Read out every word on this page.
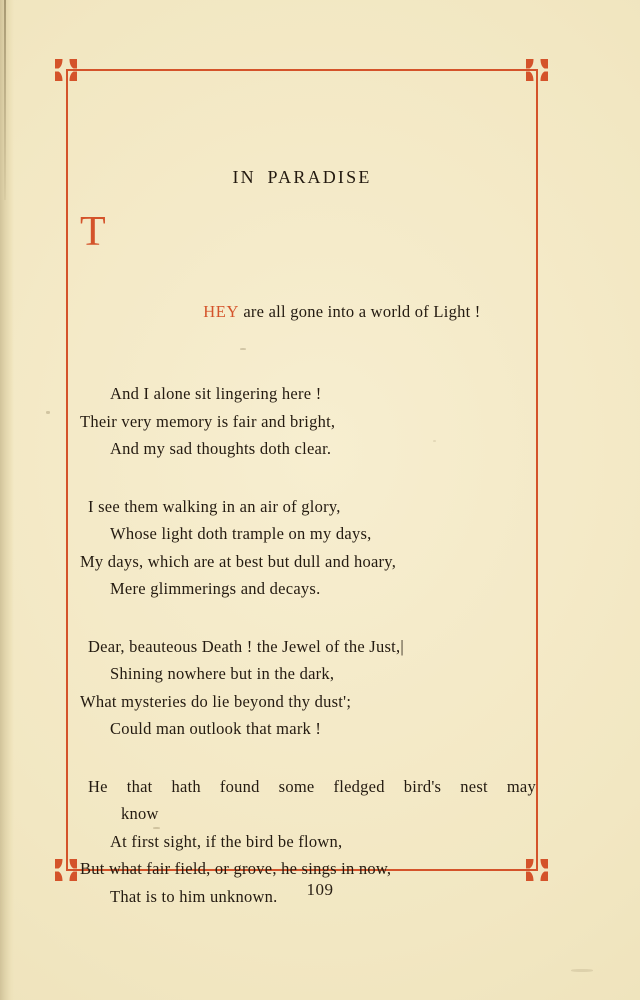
IN PARADISE

T

HEY are all gone into a world of Light !

And I alone sit lingering here !
Their very memory is fair and bright,
And my sad thoughts doth clear.
I see them walking in an air of glory,
Whose light doth trample on my days,
My days, which are at best but dull and hoary,
Mere glimmerings and decays.
Dear, beauteous Death ! the Jewel of the Just,|
Shining nowhere but in the dark,
What mysteries do lie beyond thy dust';
Could man outlook that mark !
He that hath found some fledged bird's nest may
know
At first sight, if the bird be flown,
But what fair field, or grove, he sings in now,
That is to him unknown.	109
